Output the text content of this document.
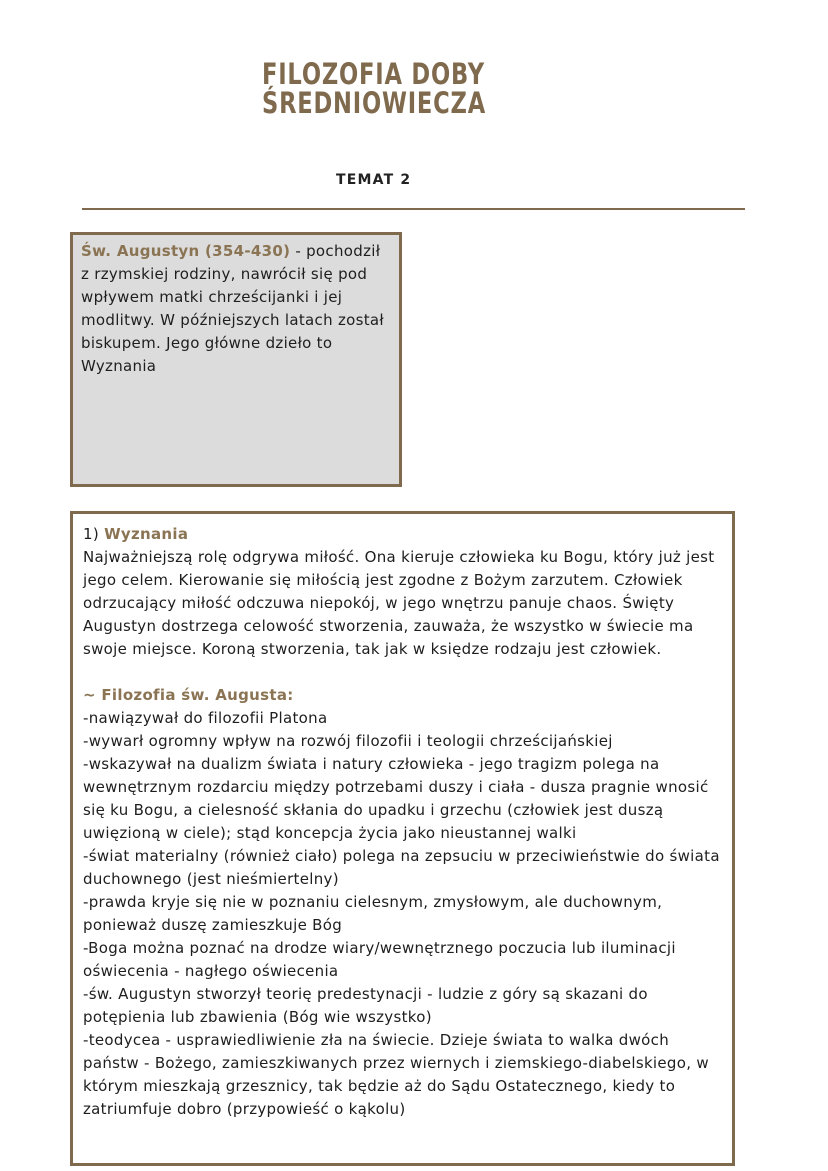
FILOZOFIA DOBY
ŚREDNIOWIECZA
TEMAT 2
Św. Augustyn (354-430) - pochodził z rzymskiej rodziny, nawrócił się pod wpływem matki chrześcijanki i jej modlitwy. W późniejszych latach został biskupem. Jego główne dzieło to Wyznania

1) Wyznania

Najważniejszą rolę odgrywa miłość. Ona kieruje człowieka ku Bogu, który już jest jego celem. Kierowanie się miłością jest zgodne z Bożym zarzutem. Człowiek odrzucający miłość odczuwa niepokój, w jego wnętrzu panuje chaos. Święty Augustyn dostrzega celowość stworzenia, zauważa, że wszystko w świecie ma swoje miejsce. Koroną stworzenia, tak jak w księdze rodzaju jest człowiek.

~ Filozofia św. Augusta:

-nawiązywał do filozofii Platona

-wywarł ogromny wpływ na rozwój filozofii i teologii chrześcijańskiej

-wskazywał na dualizm świata i natury człowieka - jego tragizm polega na wewnętrznym rozdarciu między potrzebami duszy i ciała - dusza pragnie wnosić się ku Bogu, a cielesność skłania do upadku i grzechu (człowiek jest duszą uwięzioną w ciele); stąd koncepcja życia jako nieustannej walki

-świat materialny (również ciało) polega na zepsuciu w przeciwieństwie do świata duchownego (jest nieśmiertelny)

-prawda kryje się nie w poznaniu cielesnym, zmysłowym, ale duchownym, ponieważ duszę zamieszkuje Bóg

-Boga można poznać na drodze wiary/wewnętrznego poczucia lub iluminacji oświecenia - nagłego oświecenia

-św. Augustyn stworzył teorię predestynacji - ludzie z góry są skazani do potępienia lub zbawienia (Bóg wie wszystko)

-teodycea - usprawiedliwienie zła na świecie. Dzieje świata to walka dwóch państw - Bożego, zamieszkiwanych przez wiernych i ziemskiego-diabelskiego, w którym mieszkają grzesznicy, tak będzie aż do Sądu Ostatecznego, kiedy to zatriumfuje dobro (przypowieść o kąkolu)
